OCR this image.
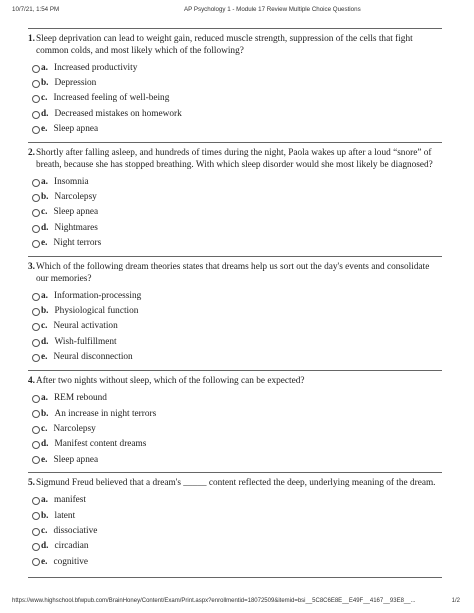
10/7/21, 1:54 PM	AP Psychology 1 - Module 17 Review Multiple Choice Questions
1. Sleep deprivation can lead to weight gain, reduced muscle strength, suppression of the cells that fight common colds, and most likely which of the following?
a. Increased productivity
b. Depression
c. Increased feeling of well-being
d. Decreased mistakes on homework
e. Sleep apnea
2. Shortly after falling asleep, and hundreds of times during the night, Paola wakes up after a loud “snore” of breath, because she has stopped breathing. With which sleep disorder would she most likely be diagnosed?
a. Insomnia
b. Narcolepsy
c. Sleep apnea
d. Nightmares
e. Night terrors
3. Which of the following dream theories states that dreams help us sort out the day's events and consolidate our memories?
a. Information-processing
b. Physiological function
c. Neural activation
d. Wish-fulfillment
e. Neural disconnection
4. After two nights without sleep, which of the following can be expected?
a. REM rebound
b. An increase in night terrors
c. Narcolepsy
d. Manifest content dreams
e. Sleep apnea
5. Sigmund Freud believed that a dream's _____ content reflected the deep, underlying meaning of the dream.
a. manifest
b. latent
c. dissociative
d. circadian
e. cognitive
https://www.highschool.bfwpub.com/BrainHoney/Content/Exam/Print.aspx?enrollmentid=18072509&itemid=bsi__5C8C6E8E__E49F__4167__93E8__...	1/2
